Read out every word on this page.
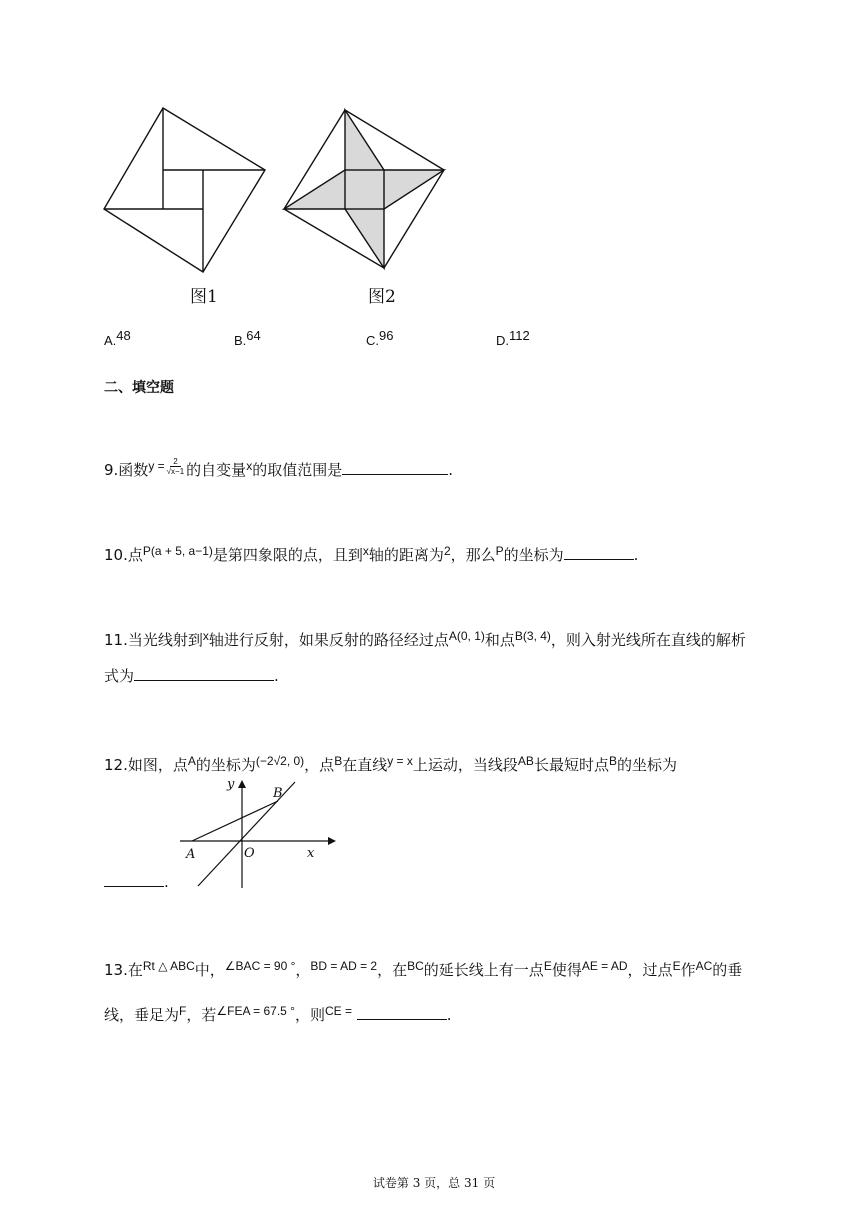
图1	图2
A.48	B.64	C.96	D.112
二、填空题
9.函数$^{y =} \frac{2}{√x-1}$ 的自变量$^x$的取值范围是	.
10.点$^{P(a + 5, a-1)}$是第四象限的点，且到$^x$轴的距离为$^2$，那么$^P$的坐标为	.
11.当光线射到$^x$轴进行反射，如果反射的路径经过点$^{A(0, 1)}$和点$^{B(3, 4)}$，则入射光线所在直线的解析
式为	.
12.如图，点$^A$的坐标为$^{(-2√2, 0)}$，点$^B$在直线$^{y = x}$上运动，当线段$^{AB}$长最短时点$^B$的坐标为
y
x
A	O
B
.
13.在$^{Rt \triangle ABC}$中，$^{\angle BAC = 90 ^\circ}$，$^{BD = AD = 2}$，在$^{BC}$的延长线上有一点$^E$使得$^{AE = AD}$，过点$^E$作$^{AC}$的垂
线，垂足为$^F$，若$^{\angle FEA = 67.5 ^\circ}$，则$^{CE =}$	.
试卷第 3 页，总 31 页
